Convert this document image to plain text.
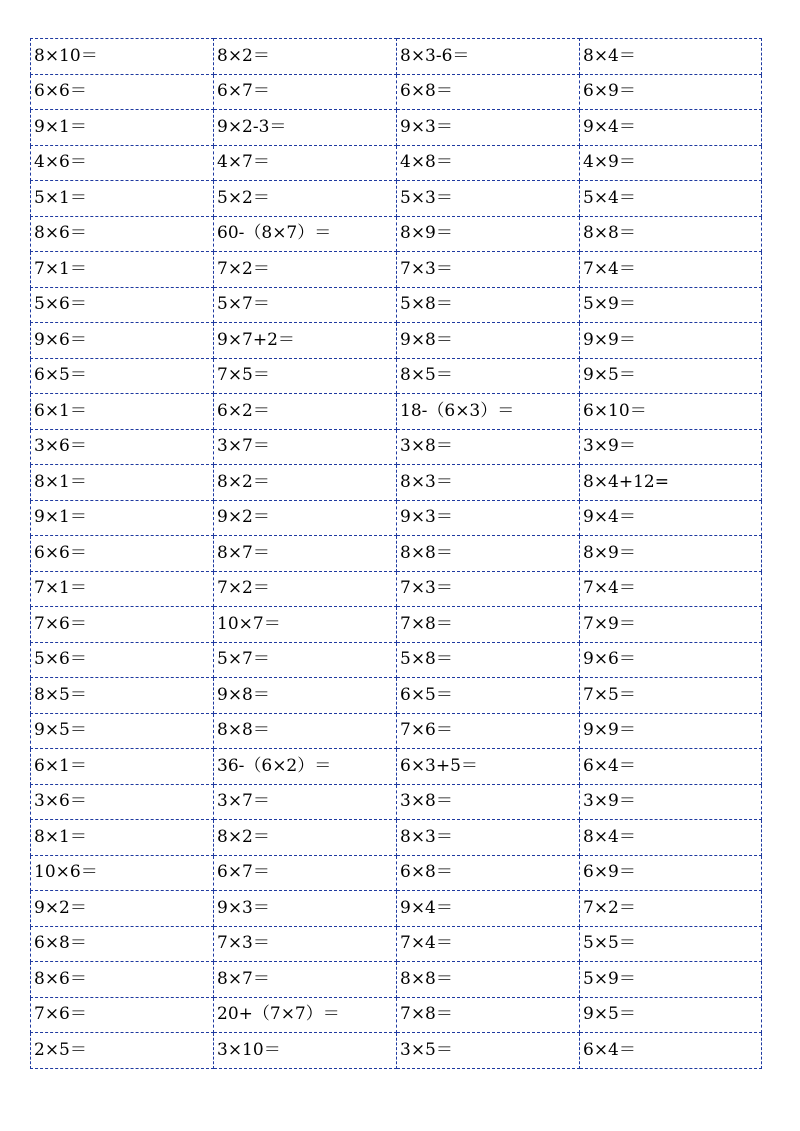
8×10＝	8×2＝	8×3-6＝	8×4＝
6×6＝	6×7＝	6×8＝	6×9＝
9×1＝	9×2-3＝	9×3＝	9×4＝
4×6＝	4×7＝	4×8＝	4×9＝
5×1＝	5×2＝	5×3＝	5×4＝
8×6＝	60-（8×7）＝	8×9＝	8×8＝
7×1＝	7×2＝	7×3＝	7×4＝
5×6＝	5×7＝	5×8＝	5×9＝
9×6＝	9×7+2＝	9×8＝	9×9＝
6×5＝	7×5＝	8×5＝	9×5＝
6×1＝	6×2＝	18-（6×3）＝	6×10＝
3×6＝	3×7＝	3×8＝	3×9＝
8×1＝	8×2＝	8×3＝	8×4+12=
9×1＝	9×2＝	9×3＝	9×4＝
6×6＝	8×7＝	8×8＝	8×9＝
7×1＝	7×2＝	7×3＝	7×4＝
7×6＝	10×7＝	7×8＝	7×9＝
5×6＝	5×7＝	5×8＝	9×6＝
8×5＝	9×8＝	6×5＝	7×5＝
9×5＝	8×8＝	7×6＝	9×9＝
6×1＝	36-（6×2）＝	6×3+5＝	6×4＝
3×6＝	3×7＝	3×8＝	3×9＝
8×1＝	8×2＝	8×3＝	8×4＝
10×6＝	6×7＝	6×8＝	6×9＝
9×2＝	9×3＝	9×4＝	7×2＝
6×8＝	7×3＝	7×4＝	5×5＝
8×6＝	8×7＝	8×8＝	5×9＝
7×6＝	20+（7×7）＝	7×8＝	9×5＝
2×5＝	3×10＝	3×5＝	6×4＝
